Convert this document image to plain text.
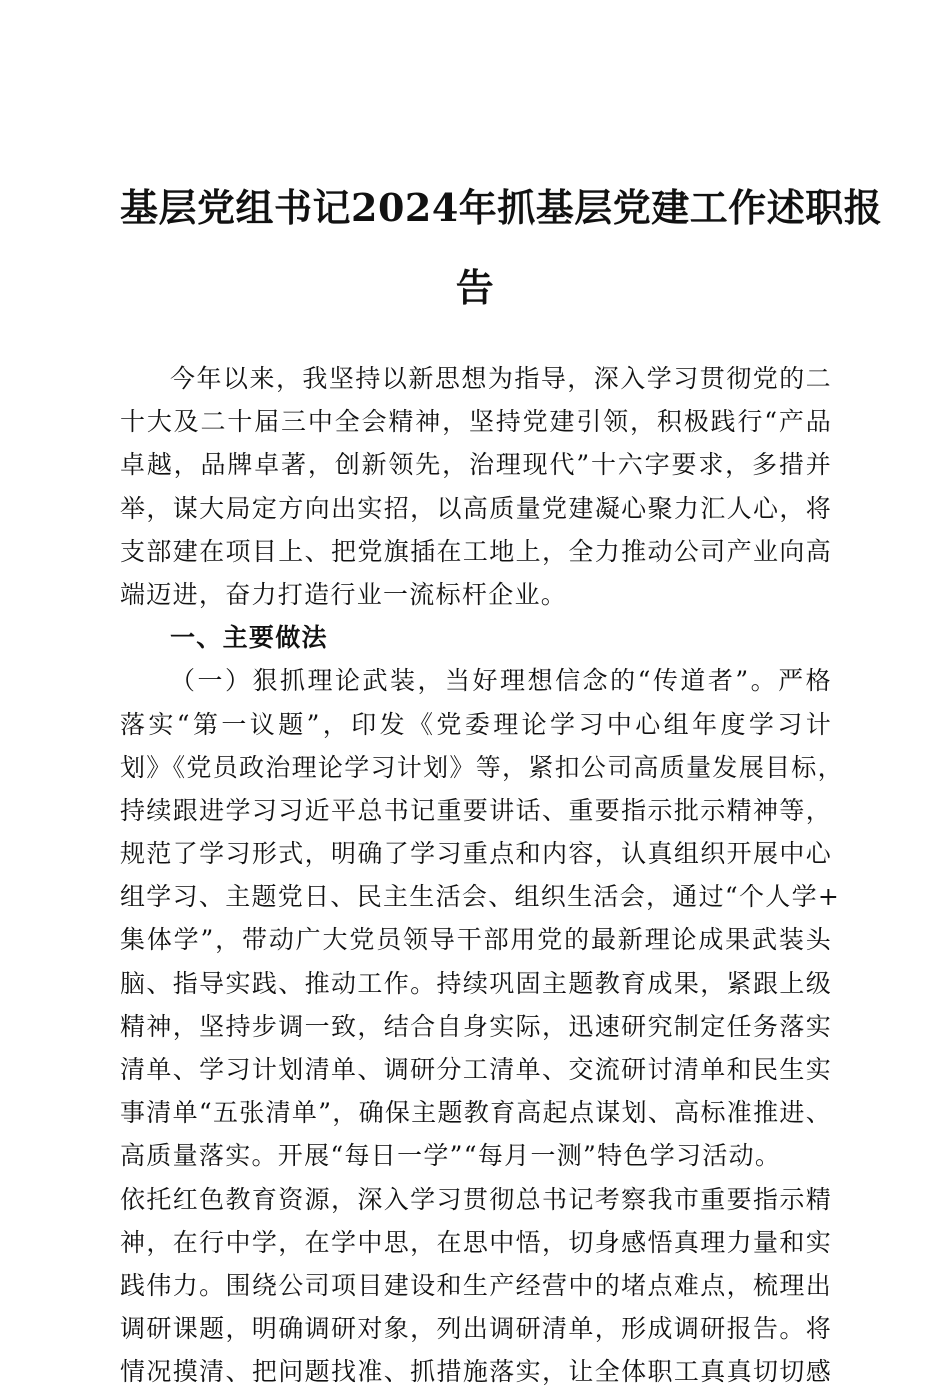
基层党组书记2024年抓基层党建工作述职报
告
今年以来，我坚持以新思想为指导，深入学习贯彻党的二
十大及二十届三中全会精神，坚持党建引领，积极践行“产品
卓越，品牌卓著，创新领先，治理现代”十六字要求，多措并
举，谋大局定方向出实招，以高质量党建凝心聚力汇人心，将
支部建在项目上、把党旗插在工地上，全力推动公司产业向高
端迈进，奋力打造行业一流标杆企业。
一、主要做法
（一）狠抓理论武装，当好理想信念的“传道者”。严格
落实“第一议题”，印发《党委理论学习中心组年度学习计
划》《党员政治理论学习计划》等，紧扣公司高质量发展目标，
持续跟进学习习近平总书记重要讲话、重要指示批示精神等，
规范了学习形式，明确了学习重点和内容，认真组织开展中心
组学习、主题党日、民主生活会、组织生活会，通过“个人学+
集体学”，带动广大党员领导干部用党的最新理论成果武装头
脑、指导实践、推动工作。持续巩固主题教育成果，紧跟上级
精神，坚持步调一致，结合自身实际，迅速研究制定任务落实
清单、学习计划清单、调研分工清单、交流研讨清单和民生实
事清单“五张清单”，确保主题教育高起点谋划、高标准推进、
高质量落实。开展“每日一学”“每月一测”特色学习活动。
依托红色教育资源，深入学习贯彻总书记考察我市重要指示精
神，在行中学，在学中思，在思中悟，切身感悟真理力量和实
践伟力。围绕公司项目建设和生产经营中的堵点难点，梳理出
调研课题，明确调研对象，列出调研清单，形成调研报告。将
情况摸清、把问题找准、抓措施落实，让全体职工真真切切感
